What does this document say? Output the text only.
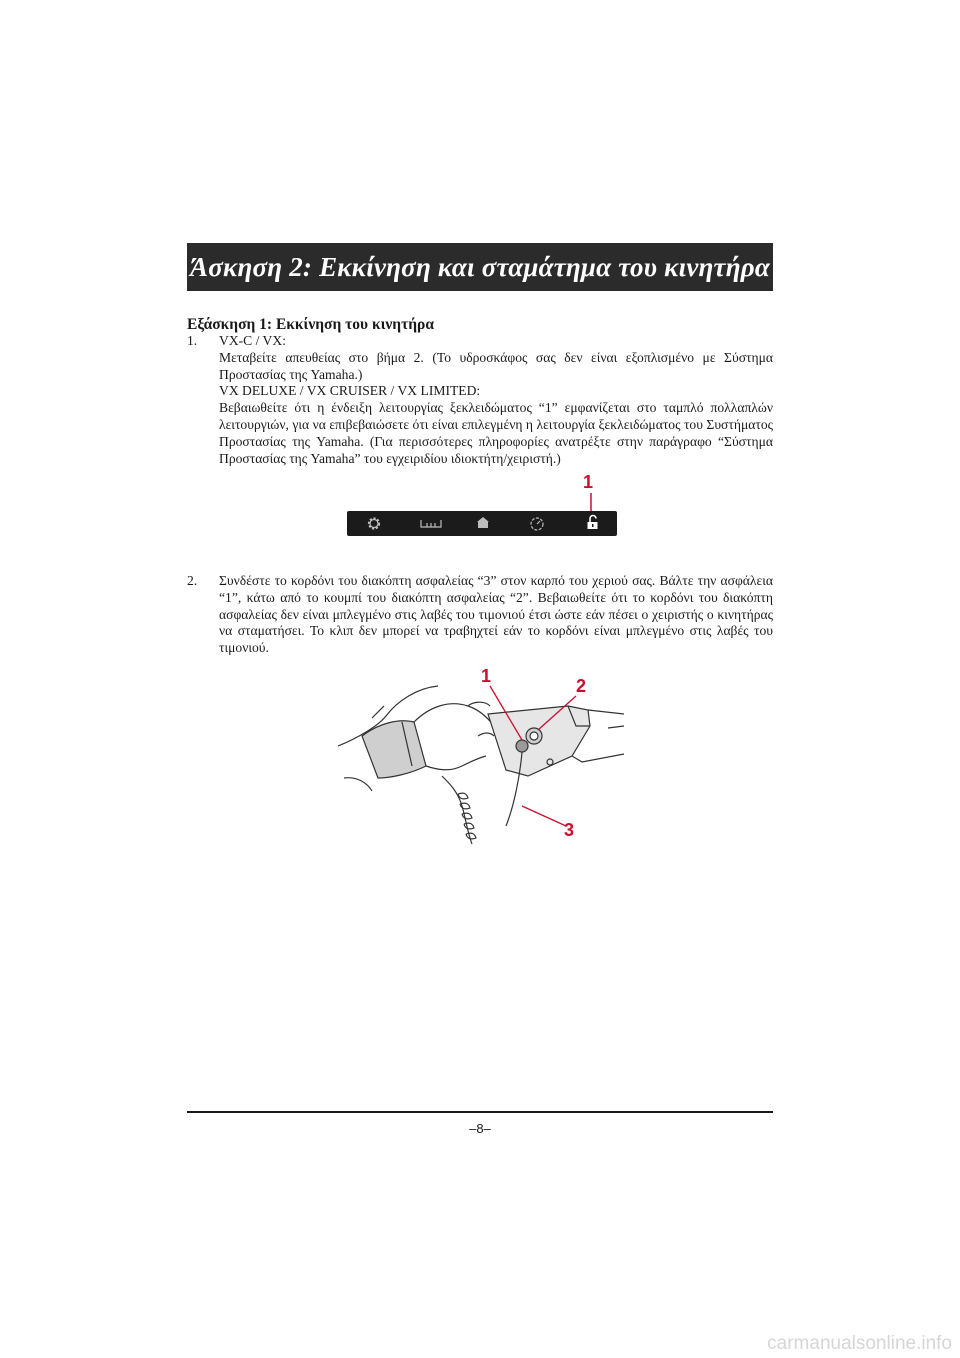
Άσκηση 2: Εκκίνηση και σταμάτημα του κινητήρα
Εξάσκηση 1: Εκκίνηση του κινητήρα
1. VX-C / VX:

Μεταβείτε απευθείας στο βήμα 2. (Το υδροσκάφος σας δεν είναι εξοπλισμένο με Σύστημα Προστασίας της Yamaha.)

VX DELUXE / VX CRUISER / VX LIMITED:

Βεβαιωθείτε ότι η ένδειξη λειτουργίας ξεκλειδώματος “1” εμφανίζεται στο ταμπλό πολλαπλών λειτουργιών, για να επιβεβαιώσετε ότι είναι επιλεγμένη η λειτουργία ξεκλειδώματος του Συστήματος Προστασίας της Yamaha. (Για περισσότερες πληροφορίες ανατρέξτε στην παράγραφο “Σύστημα Προστασίας της Yamaha” του εγχειριδίου ιδιοκτήτη/χειριστή.)

1
2. Συνδέστε το κορδόνι του διακόπτη ασφαλείας “3” στον καρπό του χεριού σας. Βάλτε την ασφάλεια “1”, κάτω από το κουμπί του διακόπτη ασφαλείας “2”. Βεβαιωθείτε ότι το κορδόνι του διακόπτη ασφαλείας δεν είναι μπλεγμένο στις λαβές του τιμονιού έτσι ώστε εάν πέσει ο χειριστής ο κινητήρας να σταματήσει. Το κλιπ δεν μπορεί να τραβηχτεί εάν το κορδόνι είναι μπλεγμένο στις λαβές του τιμονιού.

1	2
3
–8–
carmanualsonline.info
